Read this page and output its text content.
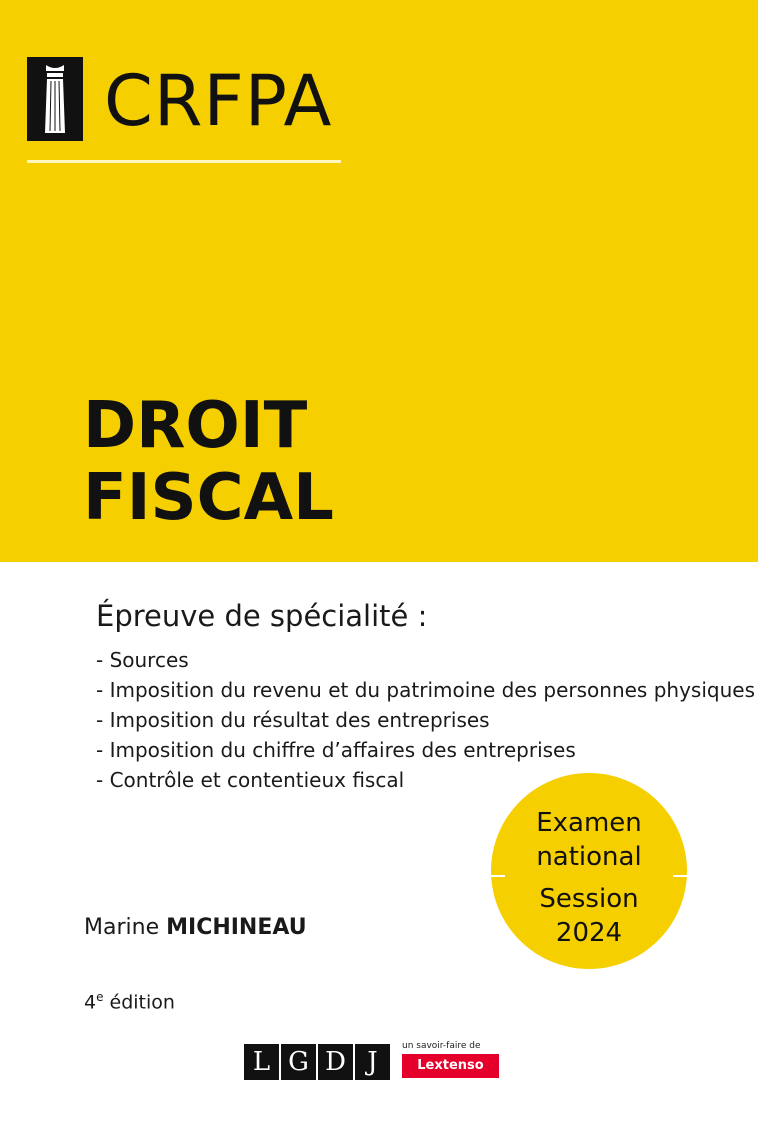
CRFPA
DROIT
FISCAL
Épreuve de spécialité :
- Sources
- Imposition du revenu et du patrimoine des personnes physiques
- Imposition du résultat des entreprises
- Imposition du chiffre d’affaires des entreprises
- Contrôle et contentieux fiscal
Marine MICHINEAU
4e édition
Examen
national
Session
2024
L G D J
un savoir-faire de
Lextenso
